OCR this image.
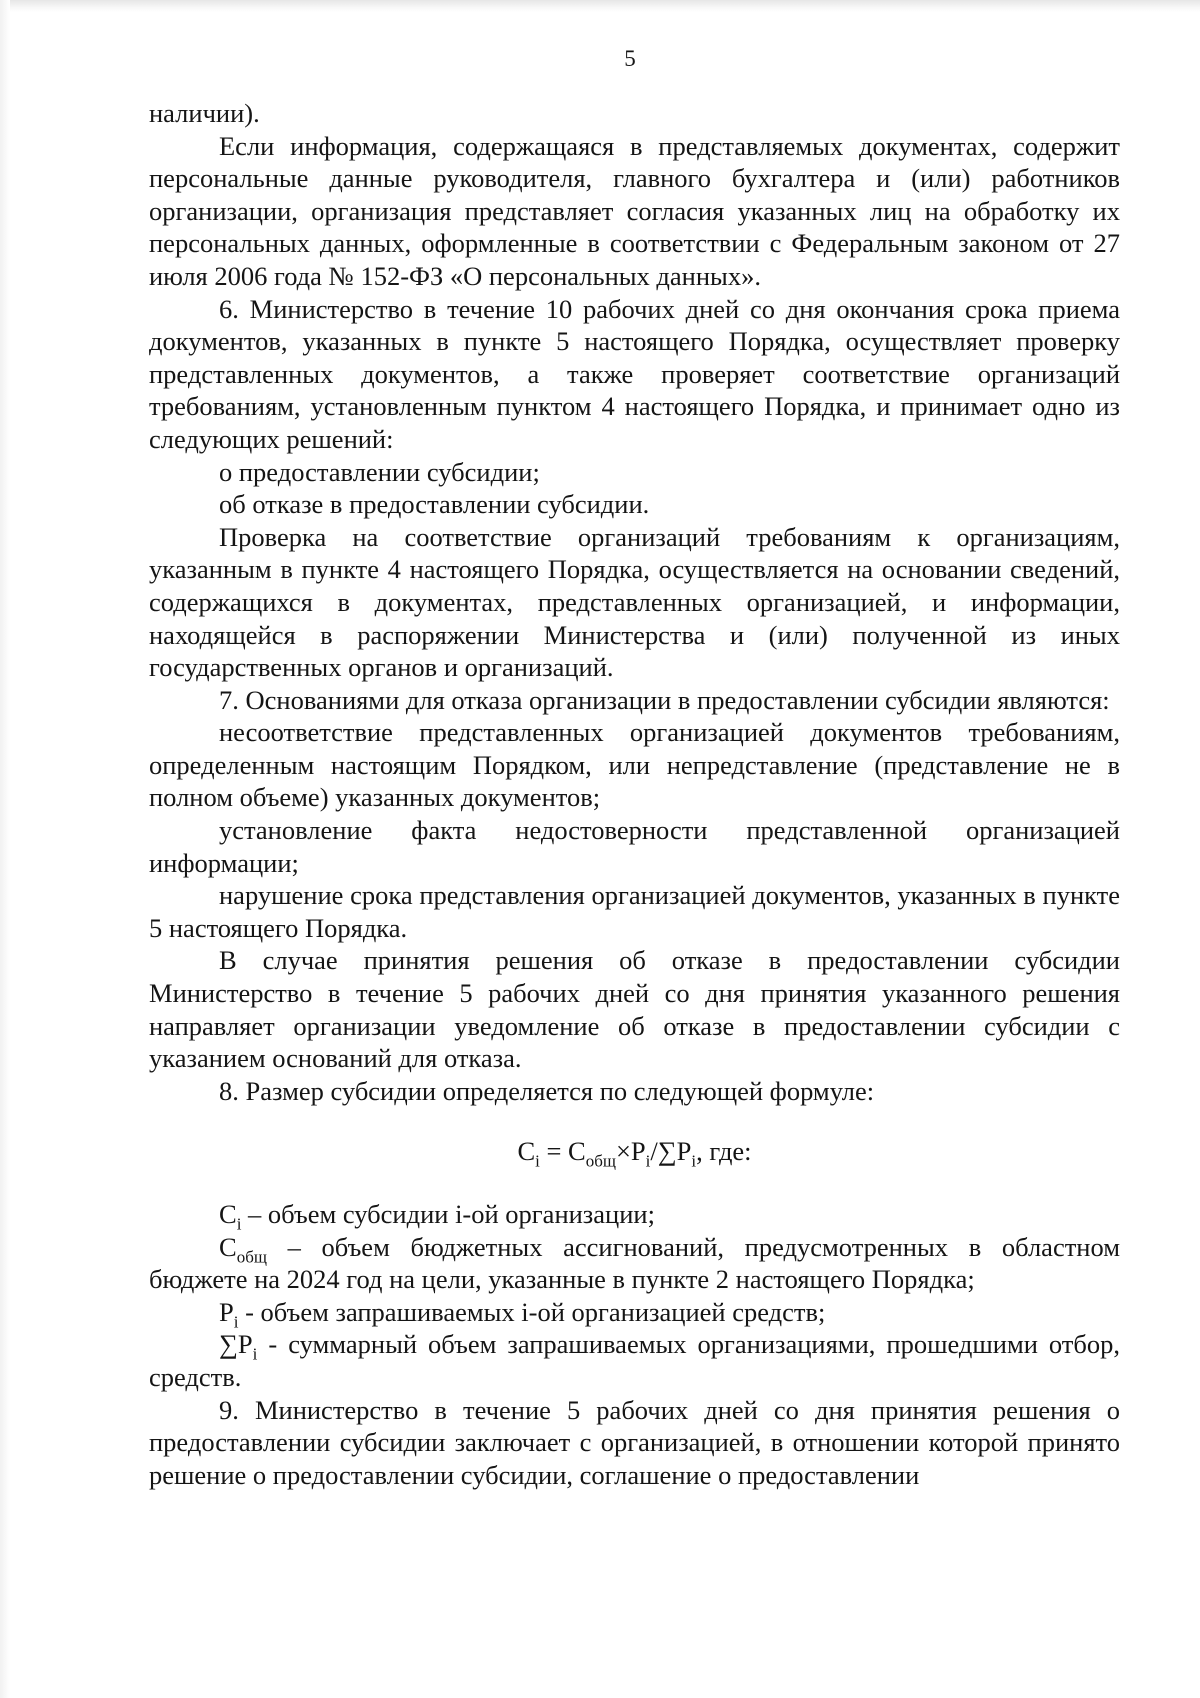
5

наличии).

Если информация, содержащаяся в представляемых документах, содержит персональные данные руководителя, главного бухгалтера и (или) работников организации, организация представляет согласия указанных лиц на обработку их персональных данных, оформленные в соответствии с Федеральным законом от 27 июля 2006 года № 152-ФЗ «О персональных данных».

6. Министерство в течение 10 рабочих дней со дня окончания срока приема документов, указанных в пункте 5 настоящего Порядка, осуществляет проверку представленных документов, а также проверяет соответствие организаций требованиям, установленным пунктом 4 настоящего Порядка, и принимает одно из следующих решений:

о предоставлении субсидии;

об отказе в предоставлении субсидии.

Проверка на соответствие организаций требованиям к организациям, указанным в пункте 4 настоящего Порядка, осуществляется на основании сведений, содержащихся в документах, представленных организацией, и информации, находящейся в распоряжении Министерства и (или) полученной из иных государственных органов и организаций.

7. Основаниями для отказа организации в предоставлении субсидии являются:

несоответствие представленных организацией документов требованиям, определенным настоящим Порядком, или непредставление (представление не в полном объеме) указанных документов;

установление факта недостоверности представленной организацией информации;

нарушение срока представления организацией документов, указанных в пункте 5 настоящего Порядка.

В случае принятия решения об отказе в предоставлении субсидии Министерство в течение 5 рабочих дней со дня принятия указанного решения направляет организации уведомление об отказе в предоставлении субсидии с указанием оснований для отказа.

8. Размер субсидии определяется по следующей формуле:

$C_i = C_{общ}\times P_i/\sum P_i$, где:

$C_i$ – объем субсидии i-ой организации;

$C_{общ}$ – объем бюджетных ассигнований, предусмотренных в областном бюджете на 2024 год на цели, указанные в пункте 2 настоящего Порядка;

$P_i$ - объем запрашиваемых i-ой организацией средств;

$\sum P_i$ - суммарный объем запрашиваемых организациями, прошедшими отбор, средств.

9. Министерство в течение 5 рабочих дней со дня принятия решения о предоставлении субсидии заключает с организацией, в отношении которой принято решение о предоставлении субсидии, соглашение о предоставлении
